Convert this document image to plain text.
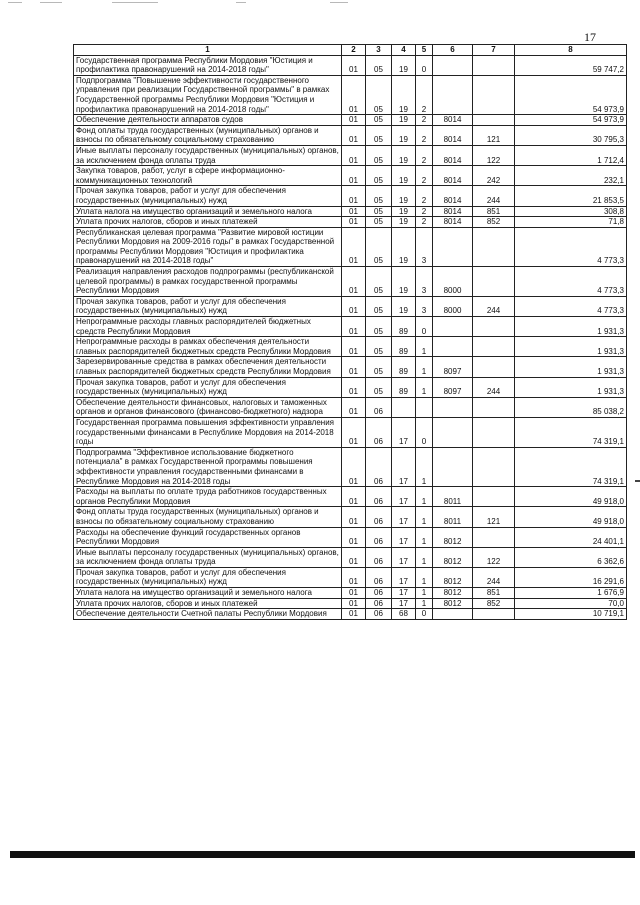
17
1	2	3	4	5	6	7	8
Государственная программа Республики Мордовия "Юстиция и профилактика правонарушений на 2014-2018 годы"	01	05	19	0			59 747,2
Подпрограмма "Повышение эффективности государственного управления при реализации Государственной программы" в рамках Государственной программы Республики Мордовия "Юстиция и профилактика правонарушений на 2014-2018 годы"	01	05	19	2			54 973,9
Обеспечение деятельности аппаратов судов	01	05	19	2	8014		54 973,9
Фонд оплаты труда государственных (муниципальных) органов и взносы по обязательному социальному страхованию	01	05	19	2	8014	121	30 795,3
Иные выплаты персоналу государственных (муниципальных) органов, за исключением фонда оплаты труда	01	05	19	2	8014	122	1 712,4
Закупка товаров, работ, услуг в сфере информационно-коммуникационных технологий	01	05	19	2	8014	242	232,1
Прочая закупка товаров, работ и услуг для обеспечения государственных (муниципальных) нужд	01	05	19	2	8014	244	21 853,5
Уплата налога на имущество организаций и земельного налога	01	05	19	2	8014	851	308,8
Уплата прочих налогов, сборов и иных платежей	01	05	19	2	8014	852	71,8
Республиканская целевая программа "Развитие мировой юстиции Республики Мордовия на 2009-2016 годы" в рамках Государственной программы Республики Мордовия "Юстиция и профилактика правонарушений на 2014-2018 годы"	01	05	19	3			4 773,3
Реализация направления расходов подпрограммы (республиканской целевой программы) в рамках государственной программы Республики Мордовия	01	05	19	3	8000		4 773,3
Прочая закупка товаров, работ и услуг для обеспечения государственных (муниципальных) нужд	01	05	19	3	8000	244	4 773,3
Непрограммные расходы главных распорядителей бюджетных средств Республики Мордовия	01	05	89	0			1 931,3
Непрограммные расходы в рамках обеспечения деятельности главных распорядителей бюджетных средств Республики Мордовия	01	05	89	1			1 931,3
Зарезервированные средства в рамках обеспечения деятельности главных распорядителей бюджетных средств Республики Мордовия	01	05	89	1	8097		1 931,3
Прочая закупка товаров, работ и услуг для обеспечения государственных (муниципальных) нужд	01	05	89	1	8097	244	1 931,3
Обеспечение деятельности финансовых, налоговых и таможенных органов и органов финансового (финансово-бюджетного) надзора	01	06					85 038,2
Государственная программа повышения эффективности управления государственными финансами в Республике Мордовия на 2014-2018 годы	01	06	17	0			74 319,1
Подпрограмма "Эффективное использование бюджетного потенциала" в рамках Государственной программы повышения эффективности управления государственными финансами в Республике Мордовия на 2014-2018 годы	01	06	17	1			74 319,1
Расходы на выплаты по оплате труда работников государственных органов Республики Мордовия	01	06	17	1	8011		49 918,0
Фонд оплаты труда государственных (муниципальных) органов и взносы по обязательному социальному страхованию	01	06	17	1	8011	121	49 918,0
Расходы на обеспечение функций государственных органов Республики Мордовия	01	06	17	1	8012		24 401,1
Иные выплаты персоналу государственных (муниципальных) органов, за исключением фонда оплаты труда	01	06	17	1	8012	122	6 362,6
Прочая закупка товаров, работ и услуг для обеспечения государственных (муниципальных) нужд	01	06	17	1	8012	244	16 291,6
Уплата налога на имущество организаций и земельного налога	01	06	17	1	8012	851	1 676,9
Уплата прочих налогов, сборов и иных платежей	01	06	17	1	8012	852	70,0
Обеспечение деятельности Счетной палаты Республики Мордовия	01	06	68	0			10 719,1
